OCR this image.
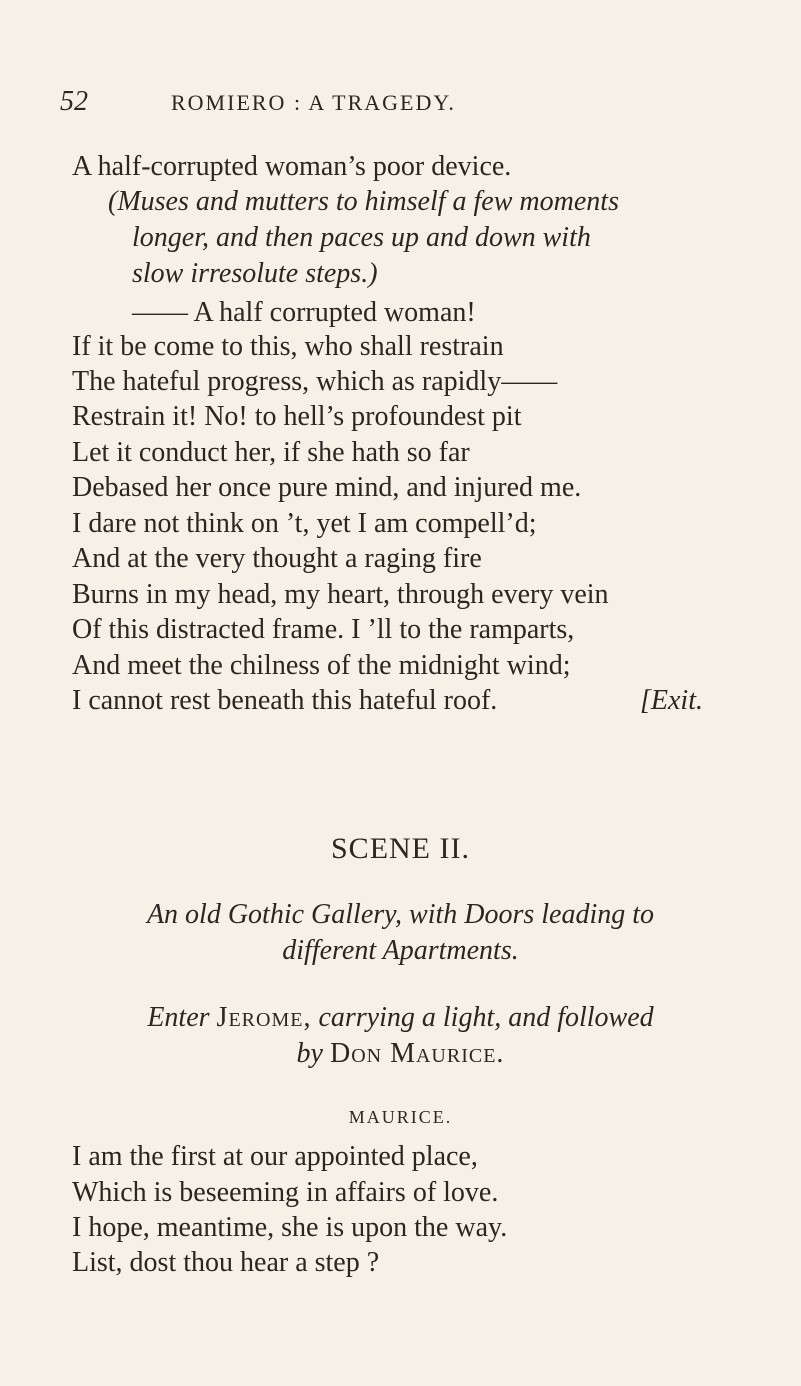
52	ROMIERO : A TRAGEDY.
A half-corrupted woman’s poor device.
(Muses and mutters to himself a few moments
longer, and then paces up and down with
slow irresolute steps.)
—— A half corrupted woman!
If it be come to this, who shall restrain
The hateful progress, which as rapidly——
Restrain it! No! to hell’s profoundest pit
Let it conduct her, if she hath so far
Debased her once pure mind, and injured me.
I dare not think on ’t, yet I am compell’d;
And at the very thought a raging fire
Burns in my head, my heart, through every vein
Of this distracted frame. I ’ll to the ramparts,
And meet the chilness of the midnight wind;
I cannot rest beneath this hateful roof.	[Exit.
SCENE II.
An old Gothic Gallery, with Doors leading to
different Apartments.
Enter Jerome, carrying a light, and followed
by Don Maurice.
MAURICE.
I am the first at our appointed place,
Which is beseeming in affairs of love.
I hope, meantime, she is upon the way.
List, dost thou hear a step ?
